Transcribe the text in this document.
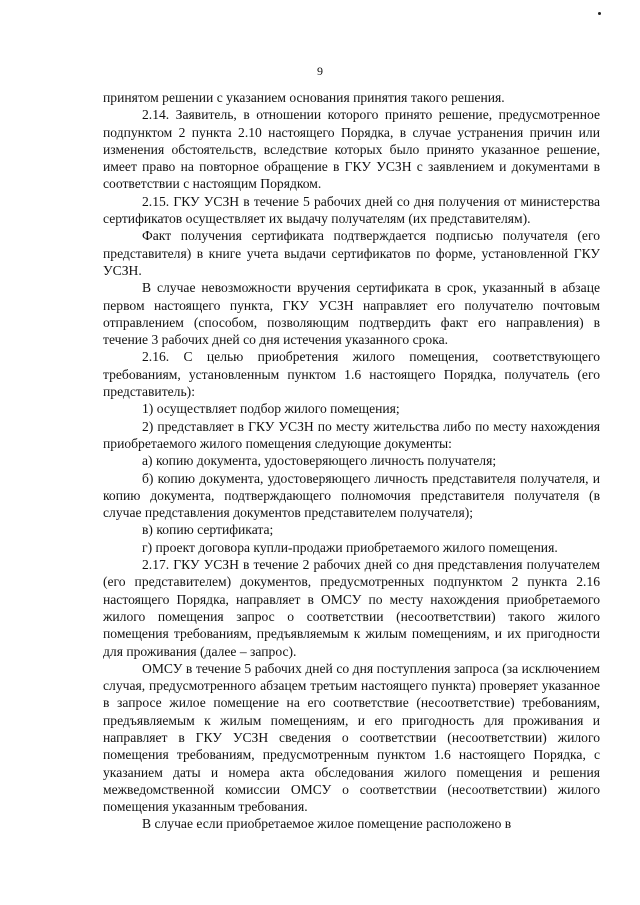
9

принятом решении с указанием основания принятия такого решения.

2.14. Заявитель, в отношении которого принято решение, предусмотренное подпунктом 2 пункта 2.10 настоящего Порядка, в случае устранения причин или изменения обстоятельств, вследствие которых было принято указанное решение, имеет право на повторное обращение в ГКУ УСЗН с заявлением и документами в соответствии с настоящим Порядком.

2.15. ГКУ УСЗН в течение 5 рабочих дней со дня получения от министерства сертификатов осуществляет их выдачу получателям (их представителям).

Факт получения сертификата подтверждается подписью получателя (его представителя) в книге учета выдачи сертификатов по форме, установленной ГКУ УСЗН.

В случае невозможности вручения сертификата в срок, указанный в абзаце первом настоящего пункта, ГКУ УСЗН направляет его получателю почтовым отправлением (способом, позволяющим подтвердить факт его направления) в течение 3 рабочих дней со дня истечения указанного срока.

2.16. С целью приобретения жилого помещения, соответствующего требованиям, установленным пунктом 1.6 настоящего Порядка, получатель (его представитель):

1) осуществляет подбор жилого помещения;

2) представляет в ГКУ УСЗН по месту жительства либо по месту нахождения приобретаемого жилого помещения следующие документы:

а) копию документа, удостоверяющего личность получателя;

б) копию документа, удостоверяющего личность представителя получателя, и копию документа, подтверждающего полномочия представителя получателя (в случае представления документов представителем получателя);

в) копию сертификата;

г) проект договора купли-продажи приобретаемого жилого помещения.

2.17. ГКУ УСЗН в течение 2 рабочих дней со дня представления получателем (его представителем) документов, предусмотренных подпунктом 2 пункта 2.16 настоящего Порядка, направляет в ОМСУ по месту нахождения приобретаемого жилого помещения запрос о соответствии (несоответствии) такого жилого помещения требованиям, предъявляемым к жилым помещениям, и их пригодности для проживания (далее – запрос).

ОМСУ в течение 5 рабочих дней со дня поступления запроса (за исключением случая, предусмотренного абзацем третьим настоящего пункта) проверяет указанное в запросе жилое помещение на его соответствие (несоответствие) требованиям, предъявляемым к жилым помещениям, и его пригодность для проживания и направляет в ГКУ УСЗН сведения о соответствии (несоответствии) жилого помещения требованиям, предусмотренным пунктом 1.6 настоящего Порядка, с указанием даты и номера акта обследования жилого помещения и решения межведомственной комиссии ОМСУ о соответствии (несоответствии) жилого помещения указанным требования.

В случае если приобретаемое жилое помещение расположено в
